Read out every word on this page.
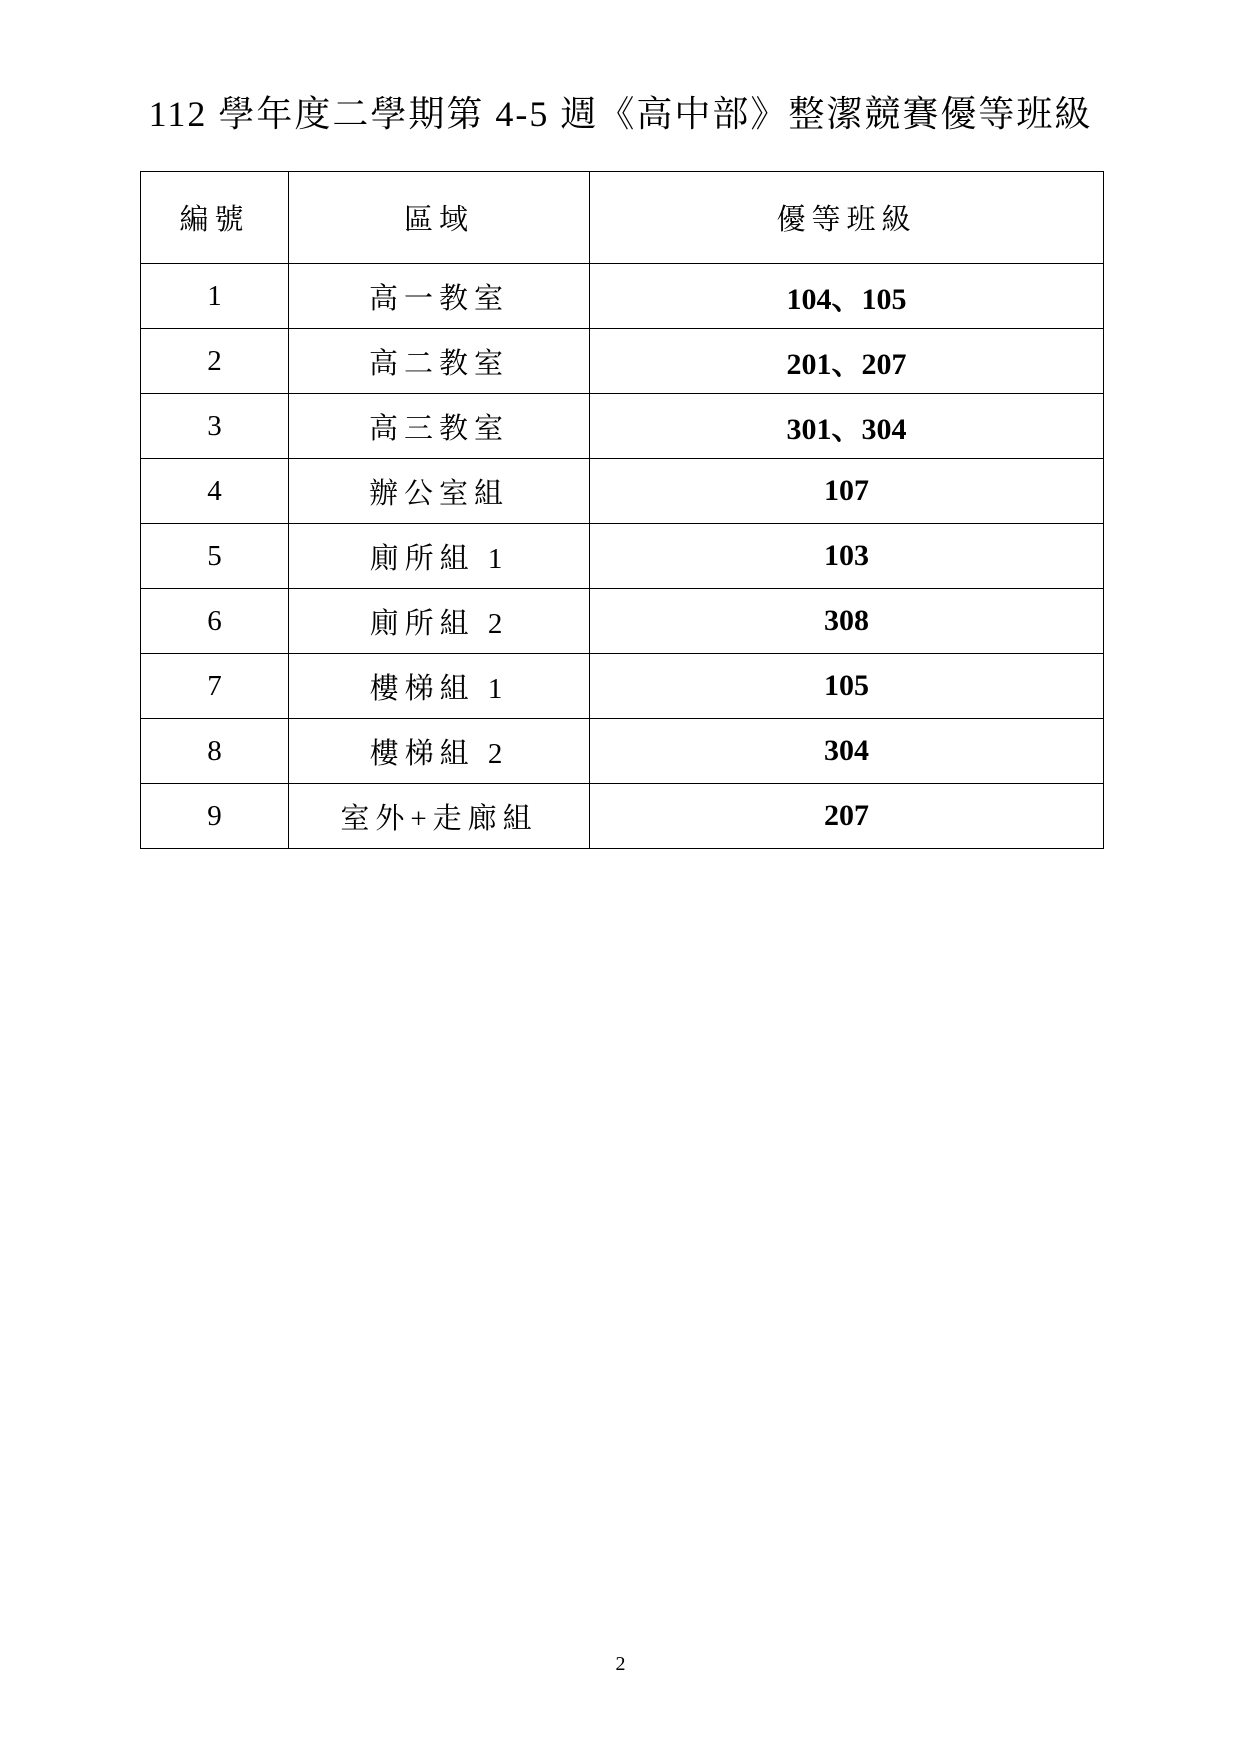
112 學年度二學期第 4-5 週《高中部》整潔競賽優等班級
編號	區域	優等班級
1	高一教室	104、105
2	高二教室	201、207
3	高三教室	301、304
4	辦公室組	107
5	廁所組 1	103
6	廁所組 2	308
7	樓梯組 1	105
8	樓梯組 2	304
9	室外+走廊組	207
2
